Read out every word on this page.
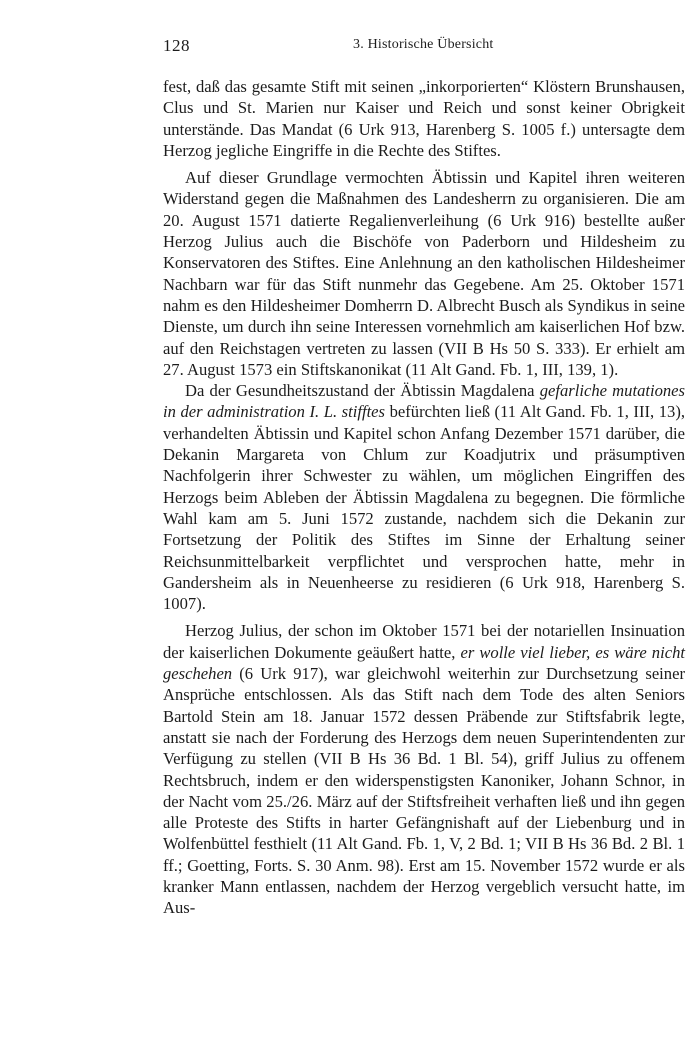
128	3. Historische Übersicht

fest, daß das gesamte Stift mit seinen „inkorporierten“ Klöstern Brunshausen, Clus und St. Marien nur Kaiser und Reich und sonst keiner Obrigkeit unterstände. Das Mandat (6 Urk 913, Harenberg S. 1005 f.) untersagte dem Herzog jegliche Eingriffe in die Rechte des Stiftes.

Auf dieser Grundlage vermochten Äbtissin und Kapitel ihren weiteren Widerstand gegen die Maßnahmen des Landesherrn zu organisieren. Die am 20. August 1571 datierte Regalienverleihung (6 Urk 916) bestellte außer Herzog Julius auch die Bischöfe von Paderborn und Hildesheim zu Konservatoren des Stiftes. Eine Anlehnung an den katholischen Hildesheimer Nachbarn war für das Stift nunmehr das Gegebene. Am 25. Oktober 1571 nahm es den Hildesheimer Domherrn D. Albrecht Busch als Syndikus in seine Dienste, um durch ihn seine Interessen vornehmlich am kaiserlichen Hof bzw. auf den Reichstagen vertreten zu lassen (VII B Hs 50 S. 333). Er erhielt am 27. August 1573 ein Stiftskanonikat (11 Alt Gand. Fb. 1, III, 139, 1).

Da der Gesundheitszustand der Äbtissin Magdalena gefarliche mutationes in der administration I. L. stifftes befürchten ließ (11 Alt Gand. Fb. 1, III, 13), verhandelten Äbtissin und Kapitel schon Anfang Dezember 1571 darüber, die Dekanin Margareta von Chlum zur Koadjutrix und präsumptiven Nachfolgerin ihrer Schwester zu wählen, um möglichen Eingriffen des Herzogs beim Ableben der Äbtissin Magdalena zu begegnen. Die förmliche Wahl kam am 5. Juni 1572 zustande, nachdem sich die Dekanin zur Fortsetzung der Politik des Stiftes im Sinne der Erhaltung seiner Reichsunmittelbarkeit verpflichtet und versprochen hatte, mehr in Gandersheim als in Neuenheerse zu residieren (6 Urk 918, Harenberg S. 1007).

Herzog Julius, der schon im Oktober 1571 bei der notariellen Insinuation der kaiserlichen Dokumente geäußert hatte, er wolle viel lieber, es wäre nicht geschehen (6 Urk 917), war gleichwohl weiterhin zur Durchsetzung seiner Ansprüche entschlossen. Als das Stift nach dem Tode des alten Seniors Bartold Stein am 18. Januar 1572 dessen Präbende zur Stiftsfabrik legte, anstatt sie nach der Forderung des Herzogs dem neuen Superintendenten zur Verfügung zu stellen (VII B Hs 36 Bd. 1 Bl. 54), griff Julius zu offenem Rechtsbruch, indem er den widerspenstigsten Kanoniker, Johann Schnor, in der Nacht vom 25./26. März auf der Stiftsfreiheit verhaften ließ und ihn gegen alle Proteste des Stifts in harter Gefängnishaft auf der Liebenburg und in Wolfenbüttel festhielt (11 Alt Gand. Fb. 1, V, 2 Bd. 1; VII B Hs 36 Bd. 2 Bl. 1 ff.; Goetting, Forts. S. 30 Anm. 98). Erst am 15. November 1572 wurde er als kranker Mann entlassen, nachdem der Herzog vergeblich versucht hatte, im Aus-
